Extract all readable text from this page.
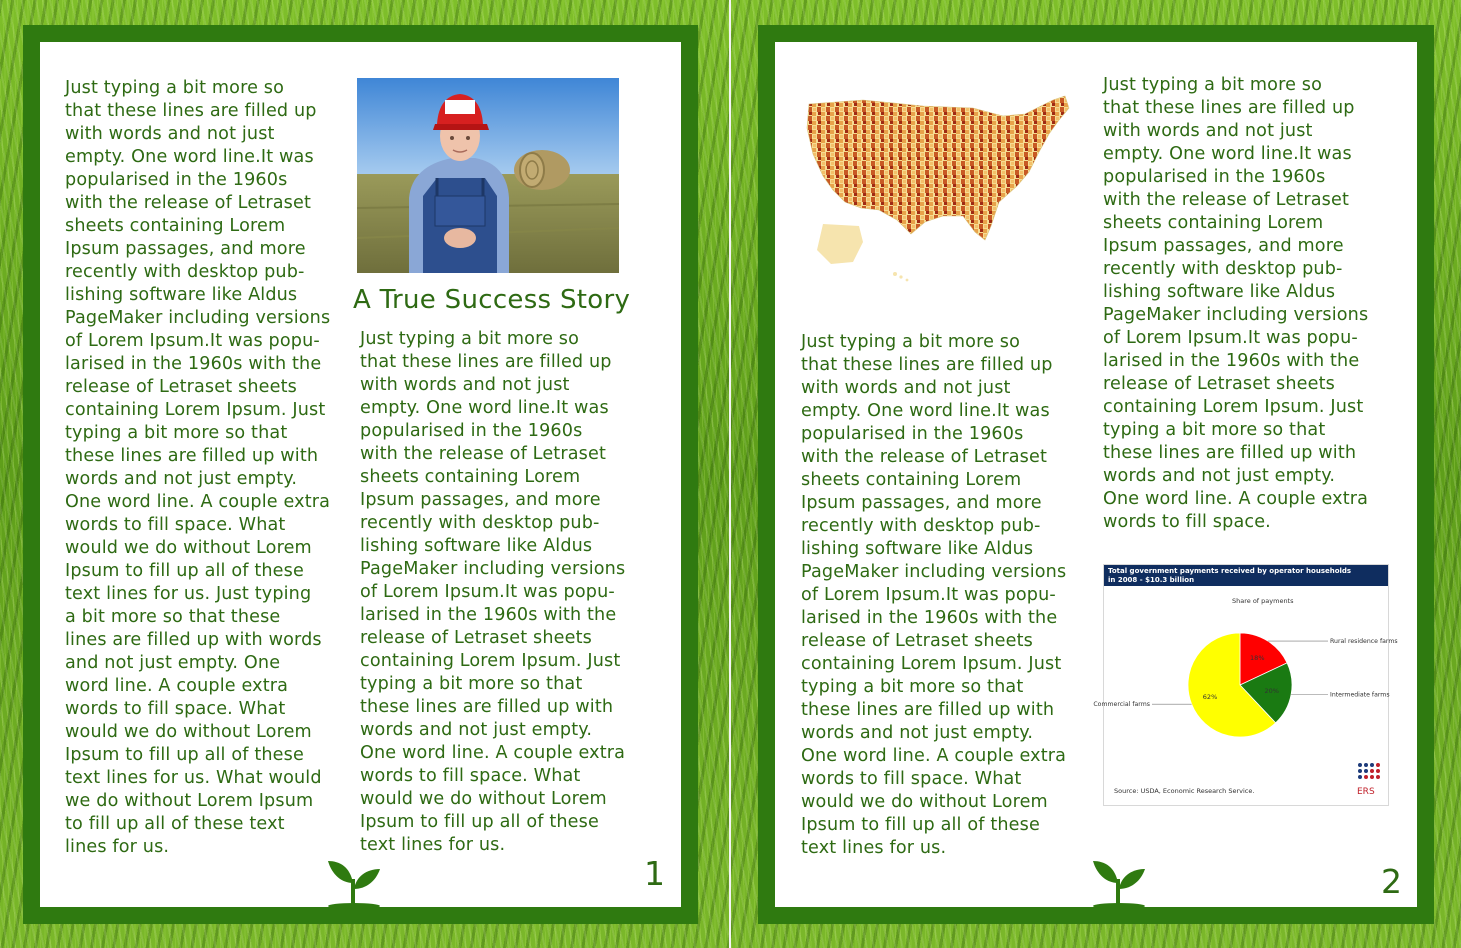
Just typing a bit more so
that these lines are filled up
with words and not just
empty. One word line.It was
popularised in the 1960s
with the release of Letraset
sheets containing Lorem
Ipsum passages, and more
recently with desktop pub-
lishing software like Aldus
PageMaker including versions
of Lorem Ipsum.It was popu-
larised in the 1960s with the
release of Letraset sheets
containing Lorem Ipsum. Just
typing a bit more so that
these lines are filled up with
words and not just empty.
One word line. A couple extra
words to fill space. What
would we do without Lorem
Ipsum to fill up all of these
text lines for us. Just typing
a bit more so that these
lines are filled up with words
and not just empty. One
word line. A couple extra
words to fill space. What
would we do without Lorem
Ipsum to fill up all of these
text lines for us. What would
we do without Lorem Ipsum
to fill up all of these text
lines for us.

A True Success Story

Just typing a bit more so
that these lines are filled up
with words and not just
empty. One word line.It was
popularised in the 1960s
with the release of Letraset
sheets containing Lorem
Ipsum passages, and more
recently with desktop pub-
lishing software like Aldus
PageMaker including versions
of Lorem Ipsum.It was popu-
larised in the 1960s with the
release of Letraset sheets
containing Lorem Ipsum. Just
typing a bit more so that
these lines are filled up with
words and not just empty.
One word line. A couple extra
words to fill space. What
would we do without Lorem
Ipsum to fill up all of these
text lines for us.

1

Just typing a bit more so
that these lines are filled up
with words and not just
empty. One word line.It was
popularised in the 1960s
with the release of Letraset
sheets containing Lorem
Ipsum passages, and more
recently with desktop pub-
lishing software like Aldus
PageMaker including versions
of Lorem Ipsum.It was popu-
larised in the 1960s with the
release of Letraset sheets
containing Lorem Ipsum. Just
typing a bit more so that
these lines are filled up with
words and not just empty.
One word line. A couple extra
words to fill space. What
would we do without Lorem
Ipsum to fill up all of these
text lines for us.

Just typing a bit more so
that these lines are filled up
with words and not just
empty. One word line.It was
popularised in the 1960s
with the release of Letraset
sheets containing Lorem
Ipsum passages, and more
recently with desktop pub-
lishing software like Aldus
PageMaker including versions
of Lorem Ipsum.It was popu-
larised in the 1960s with the
release of Letraset sheets
containing Lorem Ipsum. Just
typing a bit more so that
these lines are filled up with
words and not just empty.
One word line. A couple extra
words to fill space.

Total government payments received by operator households
in 2008 - $10.3 billion
Share of payments
18%
Rural residence farms
20%
Intermediate farms
62%
Commercial farms
Source: USDA, Economic Research Service.	ERS
2
